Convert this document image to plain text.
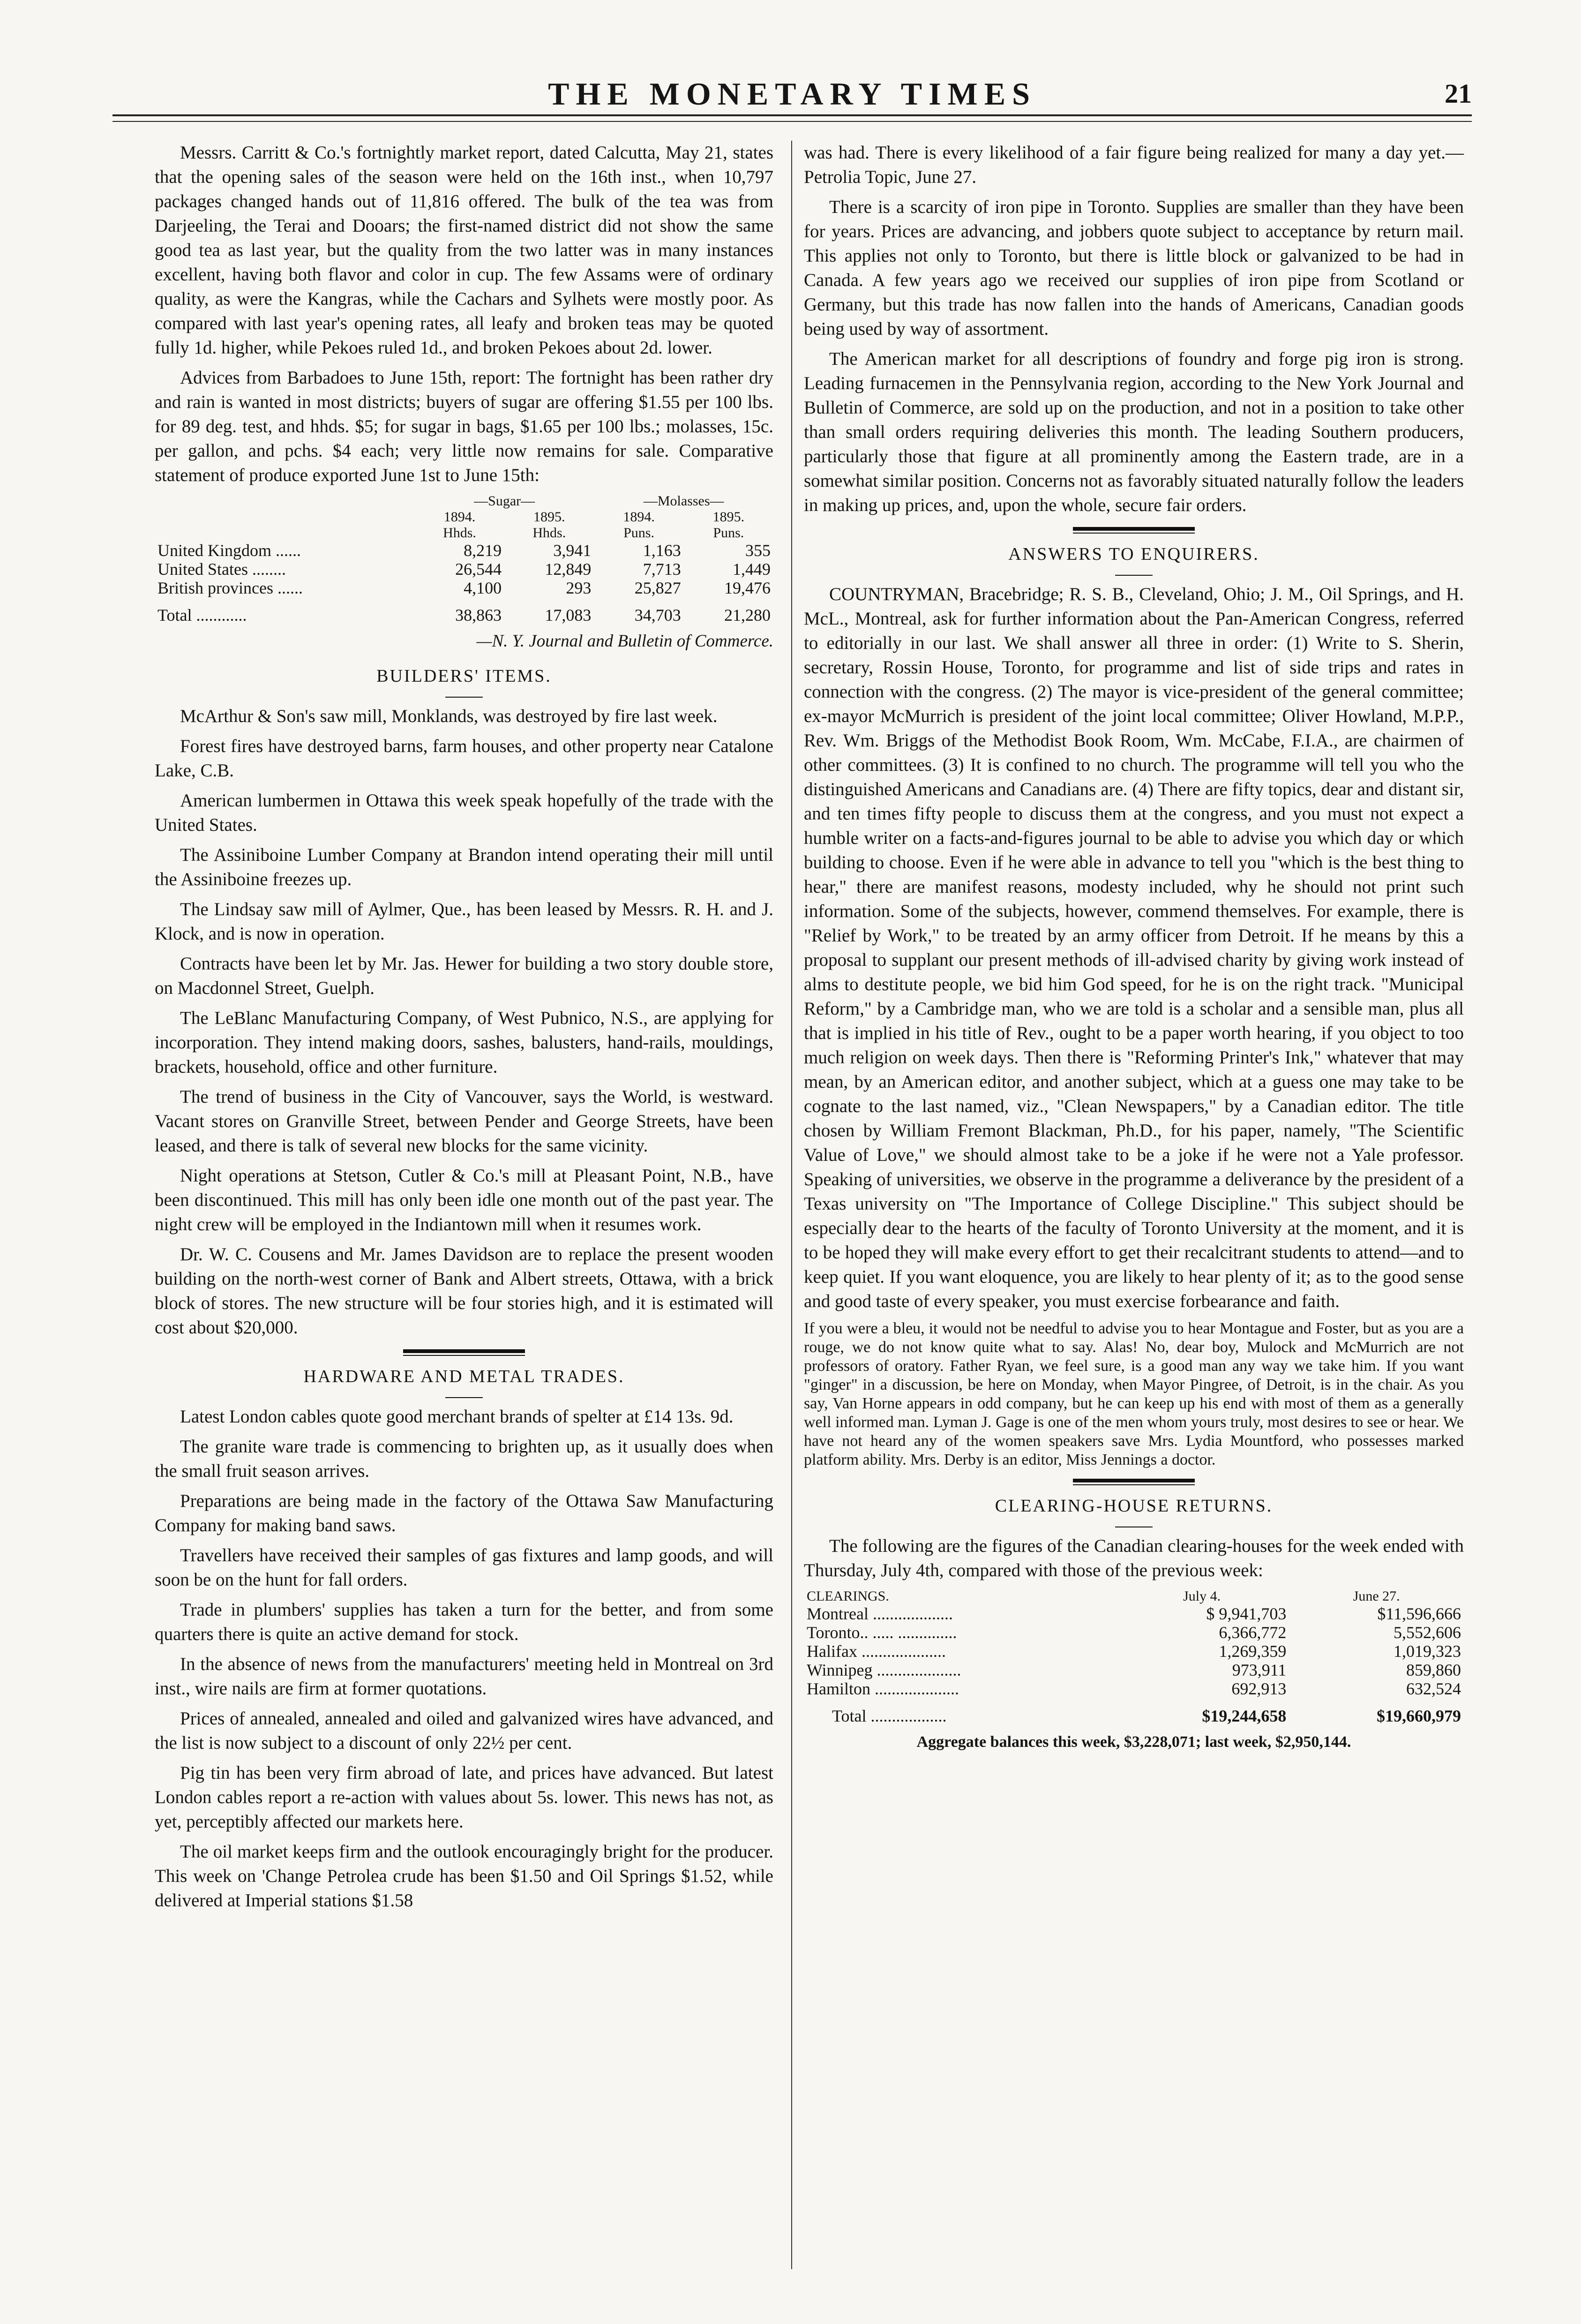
THE MONETARY TIMES	21

Messrs. Carritt & Co.'s fortnightly market report, dated Calcutta, May 21, states that the opening sales of the season were held on the 16th inst., when 10,797 packages changed hands out of 11,816 offered. The bulk of the tea was from Darjeeling, the Terai and Dooars; the first-named district did not show the same good tea as last year, but the quality from the two latter was in many instances excellent, having both flavor and color in cup. The few Assams were of ordinary quality, as were the Kangras, while the Cachars and Sylhets were mostly poor. As compared with last year's opening rates, all leafy and broken teas may be quoted fully 1d. higher, while Pekoes ruled 1d., and broken Pekoes about 2d. lower.

Advices from Barbadoes to June 15th, report: The fortnight has been rather dry and rain is wanted in most districts; buyers of sugar are offering $1.55 per 100 lbs. for 89 deg. test, and hhds. $5; for sugar in bags, $1.65 per 100 lbs.; molasses, 15c. per gallon, and pchs. $4 each; very little now remains for sale. Comparative statement of produce exported June 1st to June 15th:

	—Sugar—		—Molasses—	
	1894.	1895.	1894.	1895.
	Hhds.	Hhds.	Puns.	Puns.
United Kingdom ......	8,219	3,941	1,163	355
United States ........	26,544	12,849	7,713	1,449
British provinces ......	4,100	293	25,827	19,476
Total ............	38,863	17,083	34,703	21,280
—N. Y. Journal and Bulletin of Commerce.
BUILDERS' ITEMS.

McArthur & Son's saw mill, Monklands, was destroyed by fire last week.

Forest fires have destroyed barns, farm houses, and other property near Catalone Lake, C.B.

American lumbermen in Ottawa this week speak hopefully of the trade with the United States.

The Assiniboine Lumber Company at Brandon intend operating their mill until the Assiniboine freezes up.

The Lindsay saw mill of Aylmer, Que., has been leased by Messrs. R. H. and J. Klock, and is now in operation.

Contracts have been let by Mr. Jas. Hewer for building a two story double store, on Macdonnel Street, Guelph.

The LeBlanc Manufacturing Company, of West Pubnico, N.S., are applying for incorporation. They intend making doors, sashes, balusters, hand-rails, mouldings, brackets, household, office and other furniture.

The trend of business in the City of Vancouver, says the World, is westward. Vacant stores on Granville Street, between Pender and George Streets, have been leased, and there is talk of several new blocks for the same vicinity.

Night operations at Stetson, Cutler & Co.'s mill at Pleasant Point, N.B., have been discontinued. This mill has only been idle one month out of the past year. The night crew will be employed in the Indiantown mill when it resumes work.

Dr. W. C. Cousens and Mr. James Davidson are to replace the present wooden building on the north-west corner of Bank and Albert streets, Ottawa, with a brick block of stores. The new structure will be four stories high, and it is estimated will cost about $20,000.

HARDWARE AND METAL TRADES.

Latest London cables quote good merchant brands of spelter at £14 13s. 9d.

The granite ware trade is commencing to brighten up, as it usually does when the small fruit season arrives.

Preparations are being made in the factory of the Ottawa Saw Manufacturing Company for making band saws.

Travellers have received their samples of gas fixtures and lamp goods, and will soon be on the hunt for fall orders.

Trade in plumbers' supplies has taken a turn for the better, and from some quarters there is quite an active demand for stock.

In the absence of news from the manufacturers' meeting held in Montreal on 3rd inst., wire nails are firm at former quotations.

Prices of annealed, annealed and oiled and galvanized wires have advanced, and the list is now subject to a discount of only 22½ per cent.

Pig tin has been very firm abroad of late, and prices have advanced. But latest London cables report a re-action with values about 5s. lower. This news has not, as yet, perceptibly affected our markets here.

The oil market keeps firm and the outlook encouragingly bright for the producer. This week on 'Change Petrolea crude has been $1.50 and Oil Springs $1.52, while delivered at Imperial stations $1.58

was had. There is every likelihood of a fair figure being realized for many a day yet.—Petrolia Topic, June 27.

There is a scarcity of iron pipe in Toronto. Supplies are smaller than they have been for years. Prices are advancing, and jobbers quote subject to acceptance by return mail. This applies not only to Toronto, but there is little block or galvanized to be had in Canada. A few years ago we received our supplies of iron pipe from Scotland or Germany, but this trade has now fallen into the hands of Americans, Canadian goods being used by way of assortment.

The American market for all descriptions of foundry and forge pig iron is strong. Leading furnacemen in the Pennsylvania region, according to the New York Journal and Bulletin of Commerce, are sold up on the production, and not in a position to take other than small orders requiring deliveries this month. The leading Southern producers, particularly those that figure at all prominently among the Eastern trade, are in a somewhat similar position. Concerns not as favorably situated naturally follow the leaders in making up prices, and, upon the whole, secure fair orders.

ANSWERS TO ENQUIRERS.

COUNTRYMAN, Bracebridge; R. S. B., Cleveland, Ohio; J. M., Oil Springs, and H. McL., Montreal, ask for further information about the Pan-American Congress, referred to editorially in our last. We shall answer all three in order: (1) Write to S. Sherin, secretary, Rossin House, Toronto, for programme and list of side trips and rates in connection with the congress. (2) The mayor is vice-president of the general committee; ex-mayor McMurrich is president of the joint local committee; Oliver Howland, M.P.P., Rev. Wm. Briggs of the Methodist Book Room, Wm. McCabe, F.I.A., are chairmen of other committees. (3) It is confined to no church. The programme will tell you who the distinguished Americans and Canadians are. (4) There are fifty topics, dear and distant sir, and ten times fifty people to discuss them at the congress, and you must not expect a humble writer on a facts-and-figures journal to be able to advise you which day or which building to choose. Even if he were able in advance to tell you "which is the best thing to hear," there are manifest reasons, modesty included, why he should not print such information. Some of the subjects, however, commend themselves. For example, there is "Relief by Work," to be treated by an army officer from Detroit. If he means by this a proposal to supplant our present methods of ill-advised charity by giving work instead of alms to destitute people, we bid him God speed, for he is on the right track. "Municipal Reform," by a Cambridge man, who we are told is a scholar and a sensible man, plus all that is implied in his title of Rev., ought to be a paper worth hearing, if you object to too much religion on week days. Then there is "Reforming Printer's Ink," whatever that may mean, by an American editor, and another subject, which at a guess one may take to be cognate to the last named, viz., "Clean Newspapers," by a Canadian editor. The title chosen by William Fremont Blackman, Ph.D., for his paper, namely, "The Scientific Value of Love," we should almost take to be a joke if he were not a Yale professor. Speaking of universities, we observe in the programme a deliverance by the president of a Texas university on "The Importance of College Discipline." This subject should be especially dear to the hearts of the faculty of Toronto University at the moment, and it is to be hoped they will make every effort to get their recalcitrant students to attend—and to keep quiet. If you want eloquence, you are likely to hear plenty of it; as to the good sense and good taste of every speaker, you must exercise forbearance and faith.

If you were a bleu, it would not be needful to advise you to hear Montague and Foster, but as you are a rouge, we do not know quite what to say. Alas! No, dear boy, Mulock and McMurrich are not professors of oratory. Father Ryan, we feel sure, is a good man any way we take him. If you want "ginger" in a discussion, be here on Monday, when Mayor Pingree, of Detroit, is in the chair. As you say, Van Horne appears in odd company, but he can keep up his end with most of them as a generally well informed man. Lyman J. Gage is one of the men whom yours truly, most desires to see or hear. We have not heard any of the women speakers save Mrs. Lydia Mountford, who possesses marked platform ability. Mrs. Derby is an editor, Miss Jennings a doctor.

CLEARING-HOUSE RETURNS.

The following are the figures of the Canadian clearing-houses for the week ended with Thursday, July 4th, compared with those of the previous week:

CLEARINGS.	July 4.	June 27.
Montreal ...................	$ 9,941,703	$11,596,666
Toronto.. ..... ..............	6,366,772	5,552,606
Halifax ....................	1,269,359	1,019,323
Winnipeg ....................	973,911	859,860
Hamilton ....................	692,913	632,524
Total ..................	$19,244,658	$19,660,979
Aggregate balances this week, $3,228,071; last week, $2,950,144.
